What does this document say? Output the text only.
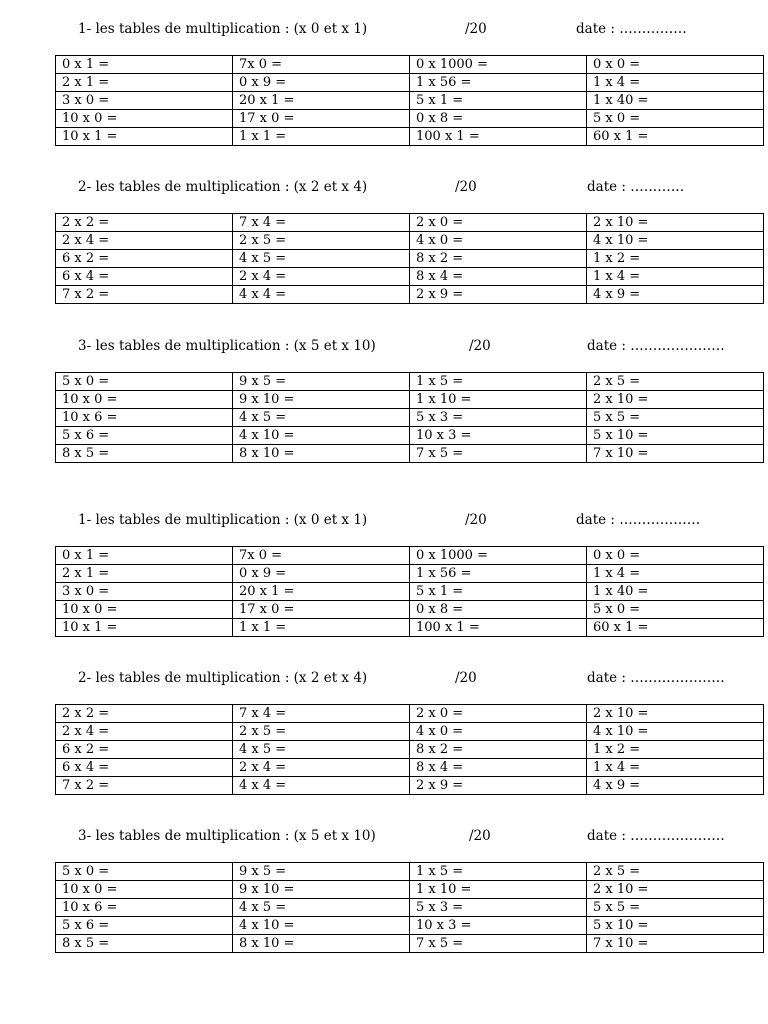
1- les tables de multiplication : (x 0 et x 1)	/20	date : ……………
0 x 1 =	7x 0 =	0 x 1000 =	0 x 0 =
2 x 1 =	0 x 9 =	1 x 56 =	1 x 4 =
3 x 0 =	20 x 1 =	5 x 1 =	1 x 40 =
10 x 0 =	17 x 0 =	0 x 8 =	5 x 0 =
10 x 1 =	1 x 1 =	100 x 1 =	60 x 1 =
2- les tables de multiplication : (x 2 et x 4)	/20	date : …………
2 x 2 =	7 x 4 =	2 x 0 =	2 x 10 =
2 x 4 =	2 x 5 =	4 x 0 =	4 x 10 =
6 x 2 =	4 x 5 =	8 x 2 =	1 x 2 =
6 x 4 =	2 x 4 =	8 x 4 =	1 x 4 =
7 x 2 =	4 x 4 =	2 x 9 =	4 x 9 =
3- les tables de multiplication : (x 5 et x 10)	/20	date : …………………
5 x 0 =	9 x 5 =	1 x 5 =	2 x 5 =
10 x 0 =	9 x 10 =	1 x 10 =	2 x 10 =
10 x 6 =	4 x 5 =	5 x 3 =	5 x 5 =
5 x 6 =	4 x 10 =	10 x 3 =	5 x 10 =
8 x 5 =	8 x 10 =	7 x 5 =	7 x 10 =
1- les tables de multiplication : (x 0 et x 1)	/20	date : ………………
0 x 1 =	7x 0 =	0 x 1000 =	0 x 0 =
2 x 1 =	0 x 9 =	1 x 56 =	1 x 4 =
3 x 0 =	20 x 1 =	5 x 1 =	1 x 40 =
10 x 0 =	17 x 0 =	0 x 8 =	5 x 0 =
10 x 1 =	1 x 1 =	100 x 1 =	60 x 1 =
2- les tables de multiplication : (x 2 et x 4)	/20	date : …………………
2 x 2 =	7 x 4 =	2 x 0 =	2 x 10 =
2 x 4 =	2 x 5 =	4 x 0 =	4 x 10 =
6 x 2 =	4 x 5 =	8 x 2 =	1 x 2 =
6 x 4 =	2 x 4 =	8 x 4 =	1 x 4 =
7 x 2 =	4 x 4 =	2 x 9 =	4 x 9 =
3- les tables de multiplication : (x 5 et x 10)	/20	date : …………………
5 x 0 =	9 x 5 =	1 x 5 =	2 x 5 =
10 x 0 =	9 x 10 =	1 x 10 =	2 x 10 =
10 x 6 =	4 x 5 =	5 x 3 =	5 x 5 =
5 x 6 =	4 x 10 =	10 x 3 =	5 x 10 =
8 x 5 =	8 x 10 =	7 x 5 =	7 x 10 =
